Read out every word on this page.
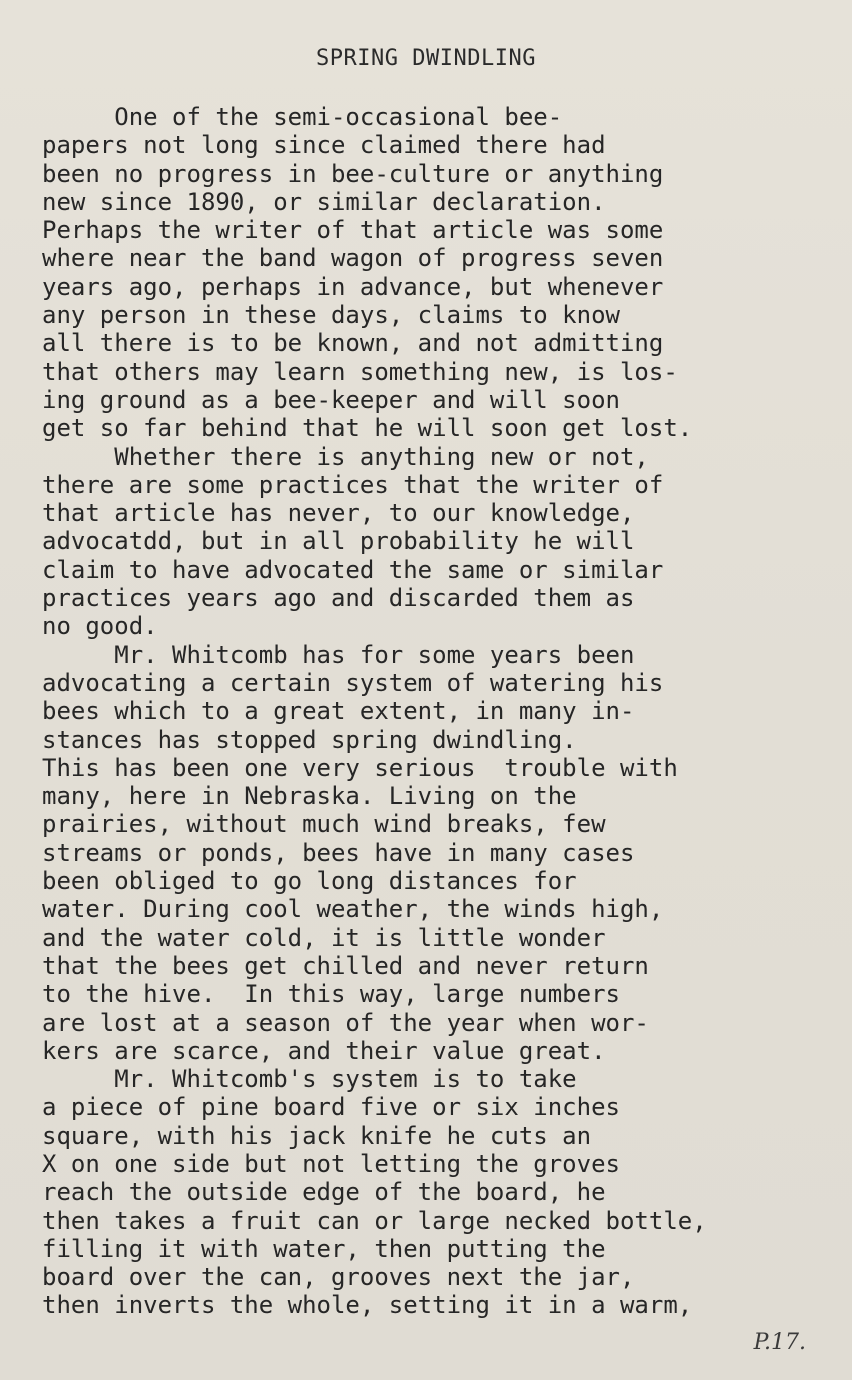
SPRING DWINDLING
One of the semi-occasional bee-
papers not long since claimed there had
been no progress in bee-culture or anything
new since 1890, or similar declaration.
Perhaps the writer of that article was some
where near the band wagon of progress seven
years ago, perhaps in advance, but whenever
any person in these days, claims to know
all there is to be known, and not admitting
that others may learn something new, is los-
ing ground as a bee-keeper and will soon
get so far behind that he will soon get lost.
Whether there is anything new or not,
there are some practices that the writer of
that article has never, to our knowledge,
advocatdd, but in all probability he will
claim to have advocated the same or similar
practices years ago and discarded them as
no good.
Mr. Whitcomb has for some years been
advocating a certain system of watering his
bees which to a great extent, in many in-
stances has stopped spring dwindling.
This has been one very serious  trouble with
many, here in Nebraska. Living on the
prairies, without much wind breaks, few
streams or ponds, bees have in many cases
been obliged to go long distances for
water. During cool weather, the winds high,
and the water cold, it is little wonder
that the bees get chilled and never return
to the hive.  In this way, large numbers
are lost at a season of the year when wor-
kers are scarce, and their value great.
Mr. Whitcomb's system is to take
a piece of pine board five or six inches
square, with his jack knife he cuts an
X on one side but not letting the groves
reach the outside edge of the board, he
then takes a fruit can or large necked bottle,
filling it with water, then putting the
board over the can, grooves next the jar,
then inverts the whole, setting it in a warm,
P.17.
